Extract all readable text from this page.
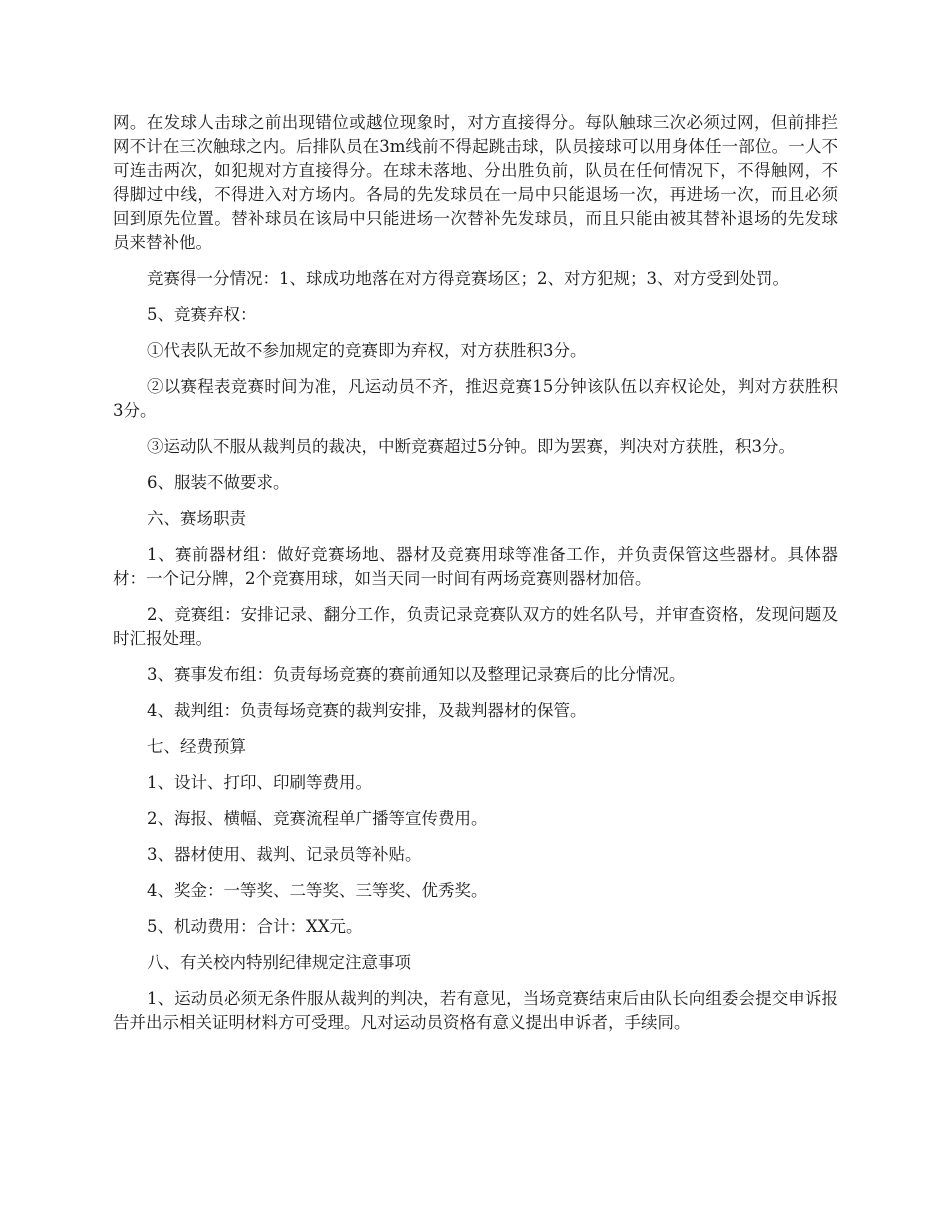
网。在发球人击球之前出现错位或越位现象时，对方直接得分。每队触球三次必须过网，但前排拦网不计在三次触球之内。后排队员在3m线前不得起跳击球，队员接球可以用身体任一部位。一人不可连击两次，如犯规对方直接得分。在球未落地、分出胜负前，队员在任何情况下，不得触网，不得脚过中线，不得进入对方场内。各局的先发球员在一局中只能退场一次，再进场一次，而且必须回到原先位置。替补球员在该局中只能进场一次替补先发球员，而且只能由被其替补退场的先发球员来替补他。

竞赛得一分情况：1、球成功地落在对方得竞赛场区；2、对方犯规；3、对方受到处罚。

5、竞赛弃权：

①代表队无故不参加规定的竞赛即为弃权，对方获胜积3分。

②以赛程表竞赛时间为准，凡运动员不齐，推迟竞赛15分钟该队伍以弃权论处，判对方获胜积3分。

③运动队不服从裁判员的裁决，中断竞赛超过5分钟。即为罢赛，判决对方获胜，积3分。

6、服装不做要求。

六、赛场职责

1、赛前器材组：做好竞赛场地、器材及竞赛用球等准备工作，并负责保管这些器材。具体器材：一个记分牌，2个竞赛用球，如当天同一时间有两场竞赛则器材加倍。

2、竞赛组：安排记录、翻分工作，负责记录竞赛队双方的姓名队号，并审查资格，发现问题及时汇报处理。

3、赛事发布组：负责每场竞赛的赛前通知以及整理记录赛后的比分情况。

4、裁判组：负责每场竞赛的裁判安排，及裁判器材的保管。

七、经费预算

1、设计、打印、印刷等费用。

2、海报、横幅、竞赛流程单广播等宣传费用。

3、器材使用、裁判、记录员等补贴。

4、奖金：一等奖、二等奖、三等奖、优秀奖。

5、机动费用：合计：XX元。

八、有关校内特别纪律规定注意事项

1、运动员必须无条件服从裁判的判决，若有意见，当场竞赛结束后由队长向组委会提交申诉报告并出示相关证明材料方可受理。凡对运动员资格有意义提出申诉者，手续同。
